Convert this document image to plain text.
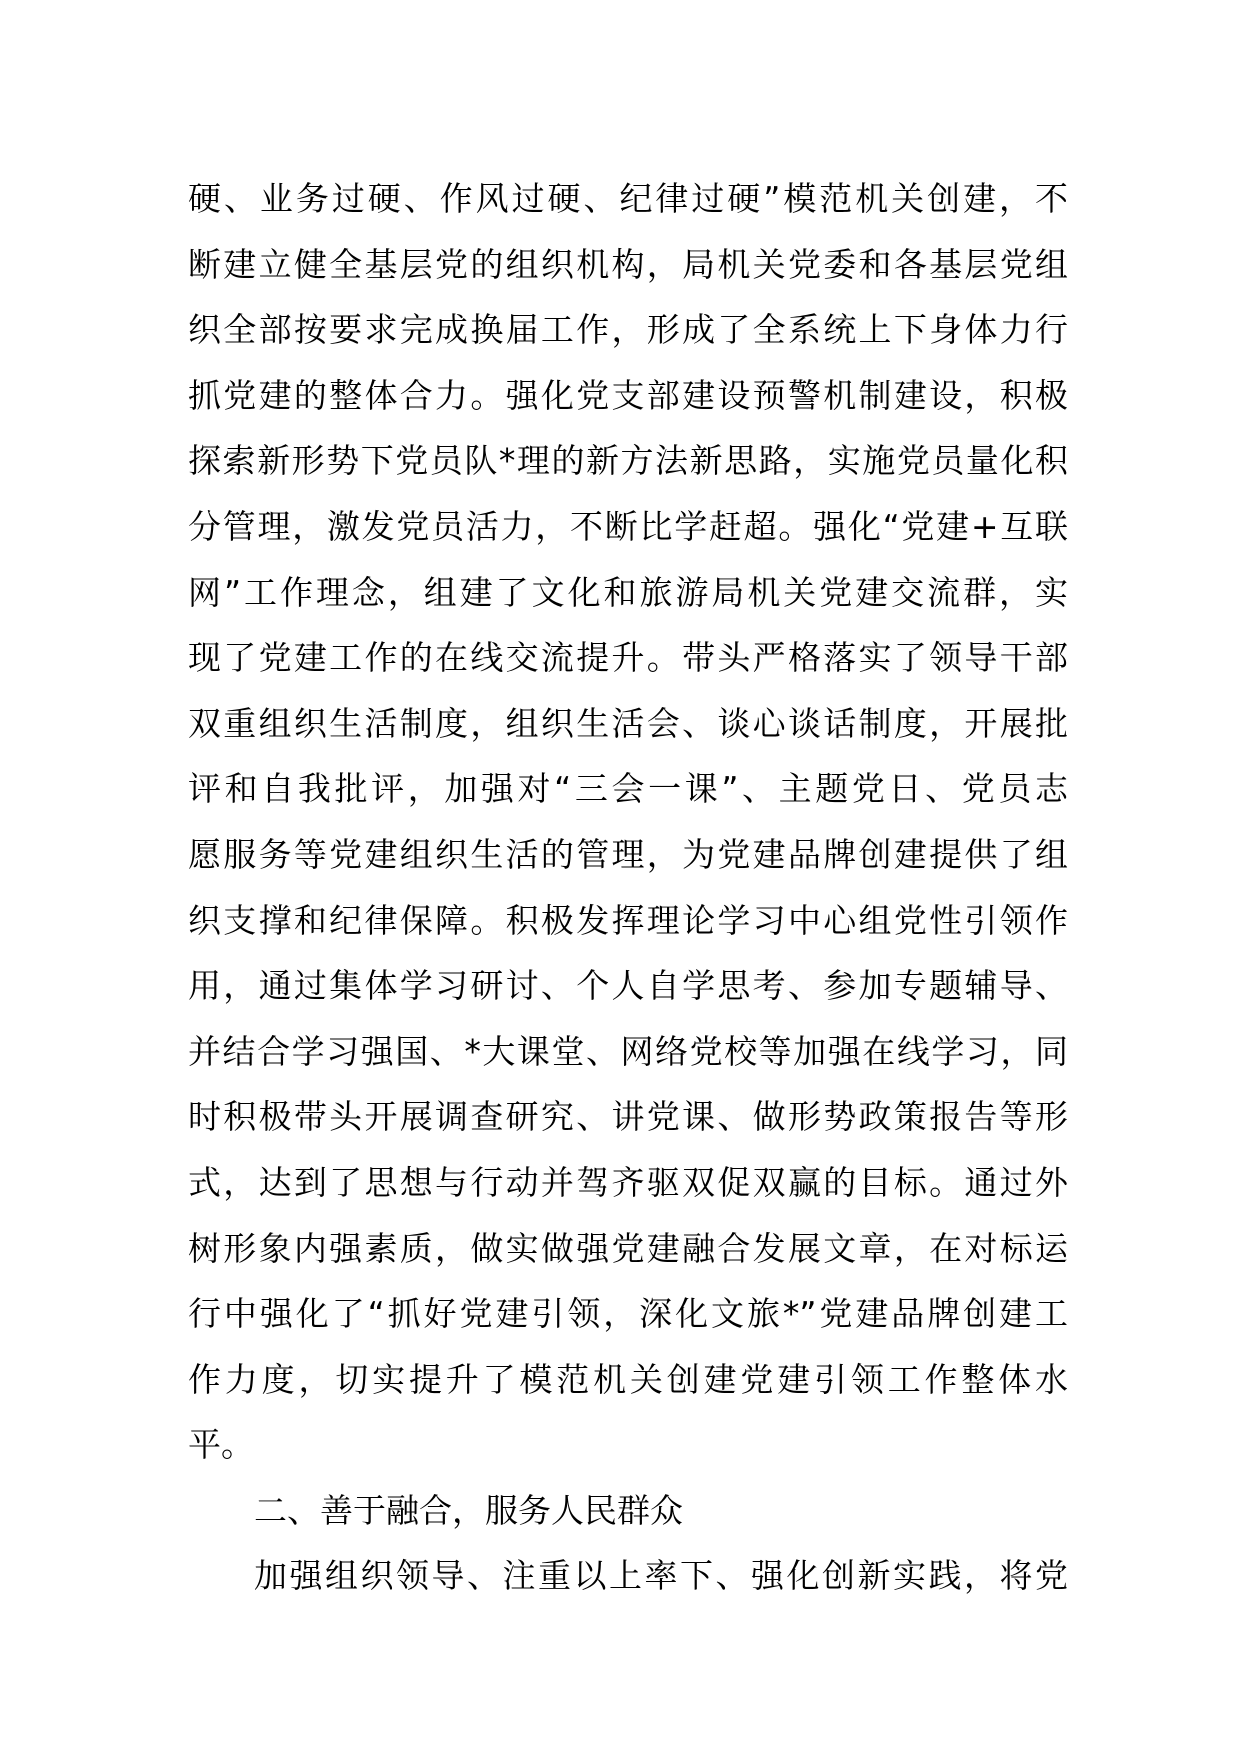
硬、业务过硬、作风过硬、纪律过硬”模范机关创建，不
断建立健全基层党的组织机构，局机关党委和各基层党组
织全部按要求完成换届工作，形成了全系统上下身体力行
抓党建的整体合力。强化党支部建设预警机制建设，积极
探索新形势下党员队*理的新方法新思路，实施党员量化积
分管理，激发党员活力，不断比学赶超。强化“党建+互联
网”工作理念，组建了文化和旅游局机关党建交流群，实
现了党建工作的在线交流提升。带头严格落实了领导干部
双重组织生活制度，组织生活会、谈心谈话制度，开展批
评和自我批评，加强对“三会一课”、主题党日、党员志
愿服务等党建组织生活的管理，为党建品牌创建提供了组
织支撑和纪律保障。积极发挥理论学习中心组党性引领作
用，通过集体学习研讨、个人自学思考、参加专题辅导、
并结合学习强国、*大课堂、网络党校等加强在线学习，同
时积极带头开展调查研究、讲党课、做形势政策报告等形
式，达到了思想与行动并驾齐驱双促双赢的目标。通过外
树形象内强素质，做实做强党建融合发展文章，在对标运
行中强化了“抓好党建引领，深化文旅*”党建品牌创建工
作力度，切实提升了模范机关创建党建引领工作整体水
平。
二、善于融合，服务人民群众
加强组织领导、注重以上率下、强化创新实践，将党
